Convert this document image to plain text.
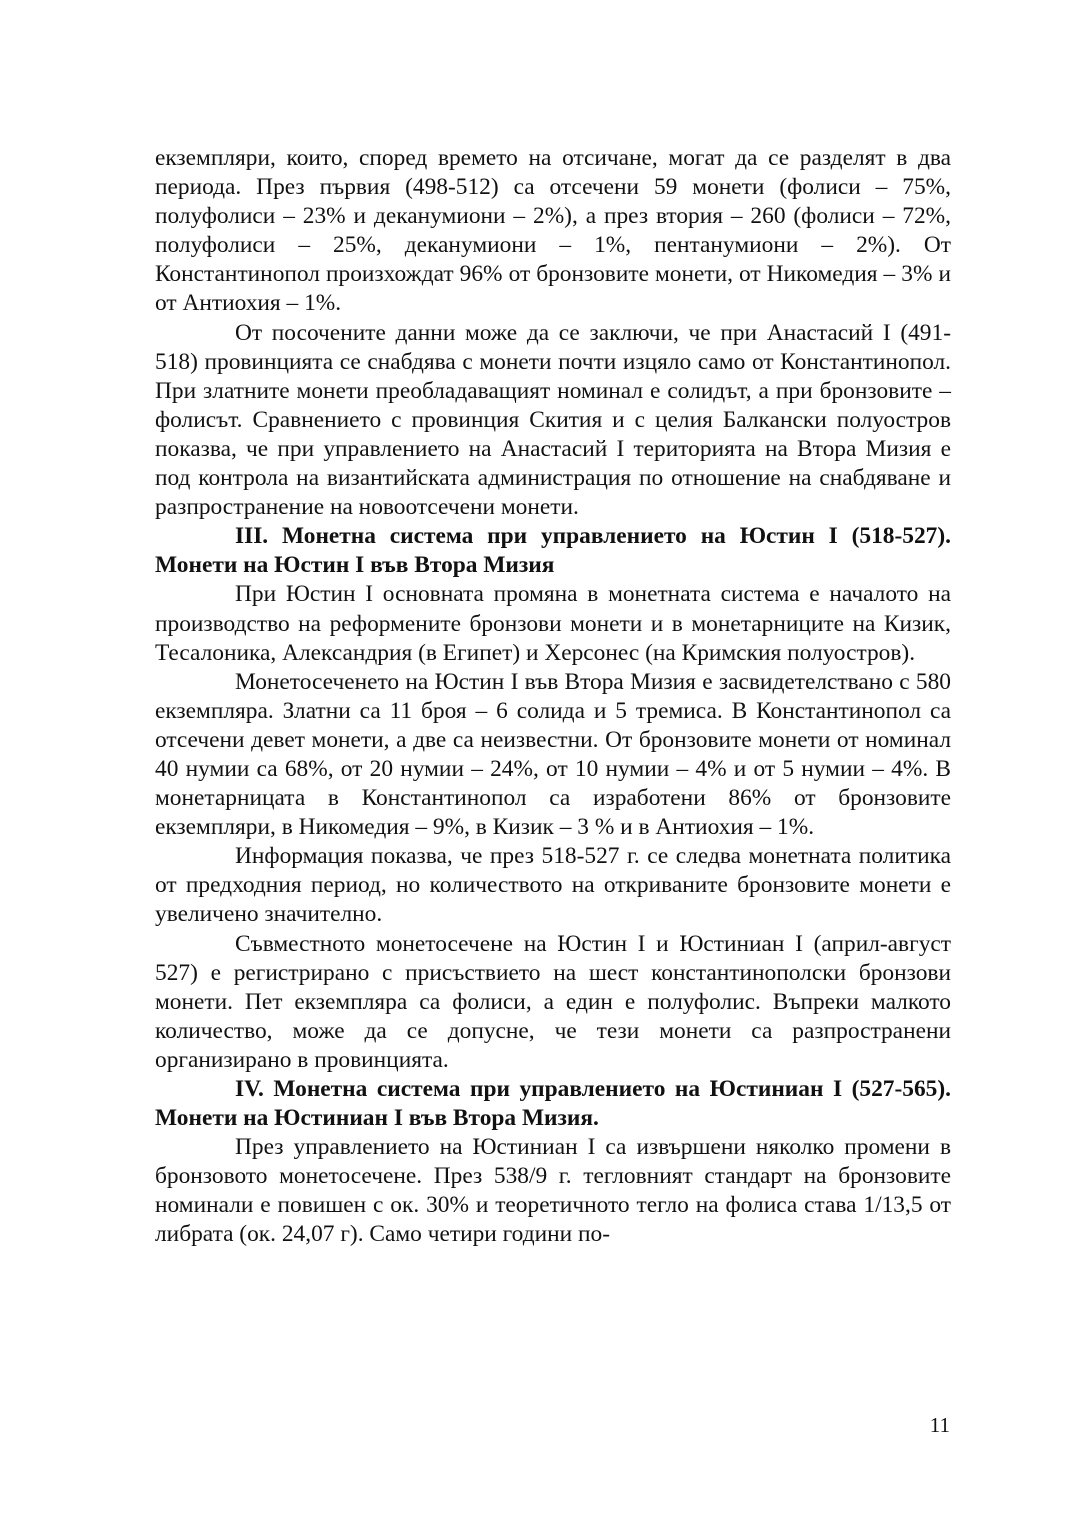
екземпляри, които, според времето на отсичане, могат да се разделят в два периода. През първия (498-512) са отсечени 59 монети (фолиси – 75%, полуфолиси – 23% и деканумиони – 2%), а през втория – 260 (фолиси – 72%, полуфолиси – 25%, деканумиони – 1%, пентанумиони – 2%). От Константинопол произхождат 96% от бронзовите монети, от Никомедия – 3% и от Антиохия – 1%.

От посочените данни може да се заключи, че при Анастасий I (491-518) провинцията се снабдява с монети почти изцяло само от Константинопол. При златните монети преобладаващият номинал е солидът, а при бронзовите – фолисът. Сравнението с провинция Скития и с целия Балкански полуостров показва, че при управлението на Анастасий I територията на Втора Мизия е под контрола на византийската администрация по отношение на снабдяване и разпространение на новоотсечени монети.

III. Монетна система при управлението на Юстин I (518-527). Монети на Юстин I във Втора Мизия

При Юстин I основната промяна в монетната система е началото на производство на реформените бронзови монети и в монетарниците на Кизик, Тесалоника, Александрия (в Египет) и Херсонес (на Кримския полуостров).

Монетосеченето на Юстин I във Втора Мизия е засвидетелствано с 580 екземпляра. Златни са 11 броя – 6 солида и 5 тремиса. В Константинопол са отсечени девет монети, а две са неизвестни. От бронзовите монети от номинал 40 нумии са 68%, от 20 нумии – 24%, от 10 нумии – 4% и от 5 нумии – 4%. В монетарницата в Константинопол са изработени 86% от бронзовите екземпляри, в Никомедия – 9%, в Кизик – 3 % и в Антиохия – 1%.

Информация показва, че през 518-527 г. се следва монетната политика от предходния период, но количеството на откриваните бронзовите монети е увеличено значително.

Съвместното монетосечене на Юстин I и Юстиниан I (април-август 527) е регистрирано с присъствието на шест константинополски бронзови монети. Пет екземпляра са фолиси, а един е полуфолис. Въпреки малкото количество, може да се допусне, че тези монети са разпространени организирано в провинцията.

IV. Монетна система при управлението на Юстиниан I (527-565). Монети на Юстиниан I във Втора Мизия.

През управлението на Юстиниан I са извършени няколко промени в бронзовото монетосечене. През 538/9 г. тегловният стандарт на бронзовите номинали е повишен с ок. 30% и теоретичното тегло на фолиса става 1/13,5 от либрата (ок. 24,07 г). Само четири години по-

11
